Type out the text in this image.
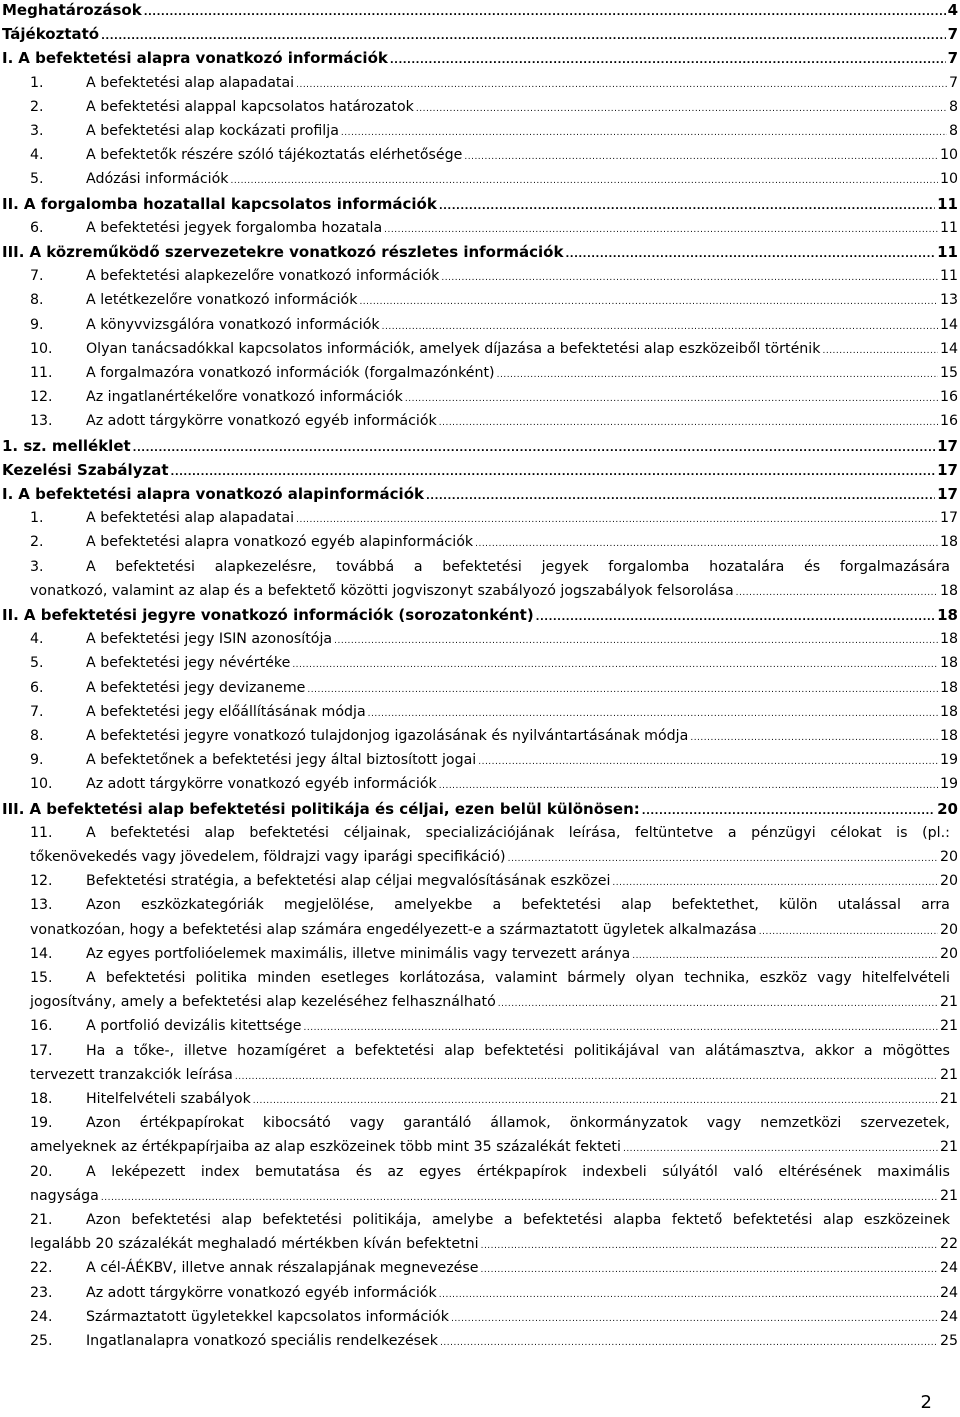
Meghatározások .....	4
Tájékoztató .....	7
I. A befektetési alapra vonatkozó információk .....	7
1.	A befektetési alap alapadatai .....	7
2.	A befektetési alappal kapcsolatos határozatok .....	8
3.	A befektetési alap kockázati profilja .....	8
4.	A befektetők részére szóló tájékoztatás elérhetősége .....	10
5.	Adózási információk .....	10
II. A forgalomba hozatallal kapcsolatos információk .....	11
6.	A befektetési jegyek forgalomba hozatala .....	11
III. A közreműködő szervezetekre vonatkozó részletes információk .....	11
7.	A befektetési alapkezelőre vonatkozó információk .....	11
8.	A letétkezelőre vonatkozó információk .....	13
9.	A könyvvizsgálóra vonatkozó információk .....	14
10. Olyan tanácsadókkal kapcsolatos információk, amelyek díjazása a befektetési alap eszközeiből történik .....	14
11. A forgalmazóra vonatkozó információk (forgalmazónként) .....	15
12. Az ingatlanértékelőre vonatkozó információk .....	16
13. Az adott tárgykörre vonatkozó egyéb információk .....	16
1. sz. melléklet .....	17
Kezelési Szabályzat .....	17
I. A befektetési alapra vonatkozó alapinformációk .....	17
1.	A befektetési alap alapadatai .....	17
2.	A befektetési alapra vonatkozó egyéb alapinformációk .....	18
3.	A befektetési alapkezelésre, továbbá a befektetési jegyek forgalomba hozatalára és forgalmazására
vonatkozó, valamint az alap és a befektető közötti jogviszonyt szabályozó jogszabályok felsorolása .....	18
II. A befektetési jegyre vonatkozó információk (sorozatonként) .....	18
4.	A befektetési jegy ISIN azonosítója .....	18
5.	A befektetési jegy névértéke .....	18
6.	A befektetési jegy devizaneme .....	18
7.	A befektetési jegy előállításának módja .....	18
8.	A befektetési jegyre vonatkozó tulajdonjog igazolásának és nyilvántartásának módja .....	18
9.	A befektetőnek a befektetési jegy által biztosított jogai .....	19
10. Az adott tárgykörre vonatkozó egyéb információk .....	19
III. A befektetési alap befektetési politikája és céljai, ezen belül különösen: .....	20
11. A befektetési alap befektetési céljainak, specializációjának leírása, feltüntetve a pénzügyi célokat is (pl.:
tőkenövekedés vagy jövedelem, földrajzi vagy iparági specifikáció) .....	20
12. Befektetési stratégia, a befektetési alap céljai megvalósításának eszközei .....	20
13. Azon eszközkategóriák megjelölése, amelyekbe a befektetési alap befektethet, külön utalással arra
vonatkozóan, hogy a befektetési alap számára engedélyezett-e a származtatott ügyletek alkalmazása .....	20
14. Az egyes portfolióelemek maximális, illetve minimális vagy tervezett aránya .....	20
15. A befektetési politika minden esetleges korlátozása, valamint bármely olyan technika, eszköz vagy hitelfelvételi
jogosítvány, amely a befektetési alap kezeléséhez felhasználható .....	21
16. A portfolió devizális kitettsége .....	21
17. Ha a tőke-, illetve hozamígéret a befektetési alap befektetési politikájával van alátámasztva, akkor a mögöttes
tervezett tranzakciók leírása .....	21
18. Hitelfelvételi szabályok .....	21
19. Azon értékpapírokat kibocsátó vagy garantáló államok, önkormányzatok vagy nemzetközi szervezetek,
amelyeknek az értékpapírjaiba az alap eszközeinek több mint 35 százalékát fekteti .....	21
20. A leképezett index bemutatása és az egyes értékpapírok indexbeli súlyától való eltérésének maximális
nagysága .....	21
21. Azon befektetési alap befektetési politikája, amelybe a befektetési alapba fektető befektetési alap eszközeinek
legalább 20 százalékát meghaladó mértékben kíván befektetni .....	22
22. A cél-ÁÉKBV, illetve annak részalapjának megnevezése .....	24
23. Az adott tárgykörre vonatkozó egyéb információk .....	24
24. Származtatott ügyletekkel kapcsolatos információk .....	24
25. Ingatlanalapra vonatkozó speciális rendelkezések .....	25
2
